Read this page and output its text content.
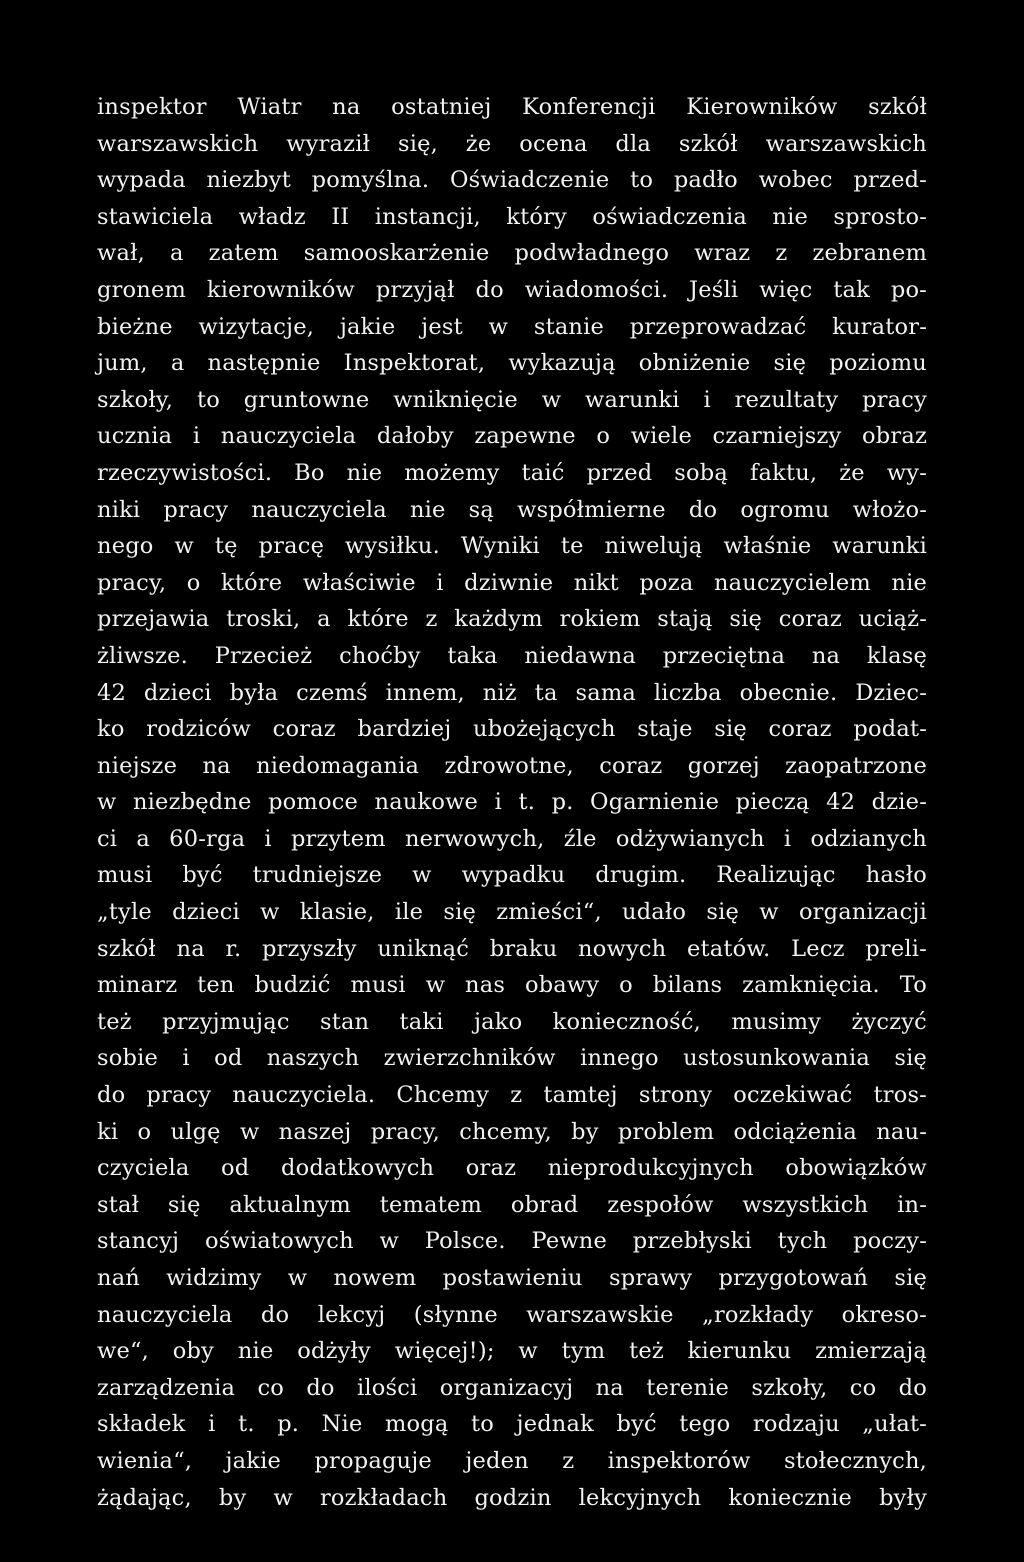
inspektor Wiatr na ostatniej Konferencji Kierowników szkół
warszawskich wyraził się, że ocena dla szkół warszawskich
wypada niezbyt pomyślna. Oświadczenie to padło wobec przed-
stawiciela władz II instancji, który oświadczenia nie sprosto-
wał, a zatem samooskarżenie podwładnego wraz z zebranem
gronem kierowników przyjął do wiadomości. Jeśli więc tak po-
bieżne wizytacje, jakie jest w stanie przeprowadzać kurator-
jum, a następnie Inspektorat, wykazują obniżenie się poziomu
szkoły, to gruntowne wniknięcie w warunki i rezultaty pracy
ucznia i nauczyciela dałoby zapewne o wiele czarniejszy obraz
rzeczywistości. Bo nie możemy taić przed sobą faktu, że wy-
niki pracy nauczyciela nie są współmierne do ogromu włożo-
nego w tę pracę wysiłku. Wyniki te niwelują właśnie warunki
pracy, o które właściwie i dziwnie nikt poza nauczycielem nie
przejawia troski, a które z każdym rokiem stają się coraz uciąż-
żliwsze. Przecież choćby taka niedawna przeciętna na klasę
42 dzieci była czemś innem, niż ta sama liczba obecnie. Dziec-
ko rodziców coraz bardziej ubożejących staje się coraz podat-
niejsze na niedomagania zdrowotne, coraz gorzej zaopatrzone
w niezbędne pomoce naukowe i t. p. Ogarnienie pieczą 42 dzie-
ci a 60-rga i przytem nerwowych, źle odżywianych i odzianych
musi być trudniejsze w wypadku drugim. Realizując hasło
„tyle dzieci w klasie, ile się zmieści“, udało się w organizacji
szkół na r. przyszły uniknąć braku nowych etatów. Lecz preli-
minarz ten budzić musi w nas obawy o bilans zamknięcia. To
też przyjmując stan taki jako konieczność, musimy życzyć
sobie i od naszych zwierzchników innego ustosunkowania się
do pracy nauczyciela. Chcemy z tamtej strony oczekiwać tros-
ki o ulgę w naszej pracy, chcemy, by problem odciążenia nau-
czyciela od dodatkowych oraz nieprodukcyjnych obowiązków
stał się aktualnym tematem obrad zespołów wszystkich in-
stancyj oświatowych w Polsce. Pewne przebłyski tych poczy-
nań widzimy w nowem postawieniu sprawy przygotowań się
nauczyciela do lekcyj (słynne warszawskie „rozkłady okreso-
we“, oby nie odżyły więcej!); w tym też kierunku zmierzają
zarządzenia co do ilości organizacyj na terenie szkoły, co do
składek i t. p. Nie mogą to jednak być tego rodzaju „ułat-
wienia“, jakie propaguje jeden z inspektorów stołecznych,
żądając, by w rozkładach godzin lekcyjnych koniecznie były
